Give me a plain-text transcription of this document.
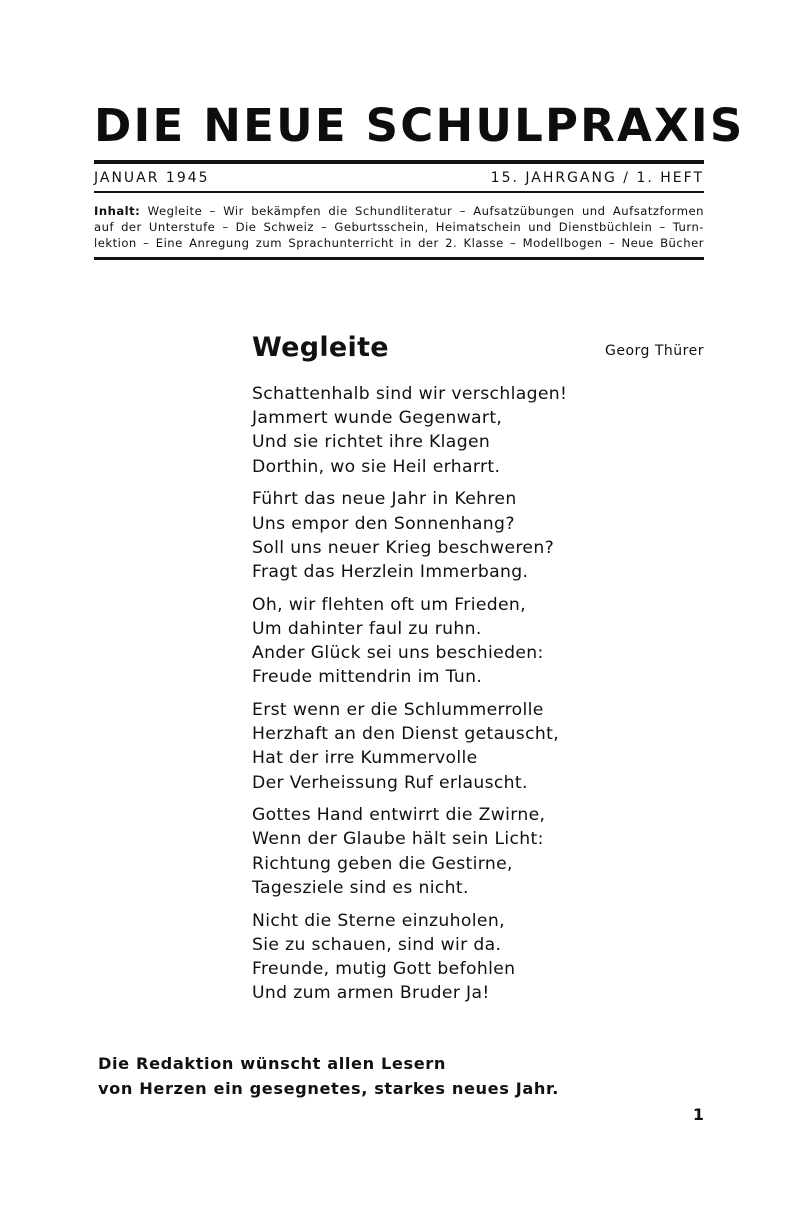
DIE NEUE SCHULPRAXIS
JANUAR 1945	15. JAHRGANG / 1. HEFT
Inhalt: Wegleite – Wir bekämpfen die Schundliteratur – Aufsatzübungen und Aufsatzformen
auf der Unterstufe – Die Schweiz – Geburtsschein, Heimatschein und Dienstbüchlein – Turn-
lektion – Eine Anregung zum Sprachunterricht in der 2. Klasse – Modellbogen – Neue Bücher
Wegleite	Georg Thürer
Schattenhalb sind wir verschlagen!
Jammert wunde Gegenwart,
Und sie richtet ihre Klagen
Dorthin, wo sie Heil erharrt.
Führt das neue Jahr in Kehren
Uns empor den Sonnenhang?
Soll uns neuer Krieg beschweren?
Fragt das Herzlein Immerbang.
Oh, wir flehten oft um Frieden,
Um dahinter faul zu ruhn.
Ander Glück sei uns beschieden:
Freude mittendrin im Tun.
Erst wenn er die Schlummerrolle
Herzhaft an den Dienst getauscht,
Hat der irre Kummervolle
Der Verheissung Ruf erlauscht.
Gottes Hand entwirrt die Zwirne,
Wenn der Glaube hält sein Licht:
Richtung geben die Gestirne,
Tagesziele sind es nicht.
Nicht die Sterne einzuholen,
Sie zu schauen, sind wir da.
Freunde, mutig Gott befohlen
Und zum armen Bruder Ja!
Die Redaktion wünscht allen Lesern
von Herzen ein gesegnetes, starkes neues Jahr.
1
